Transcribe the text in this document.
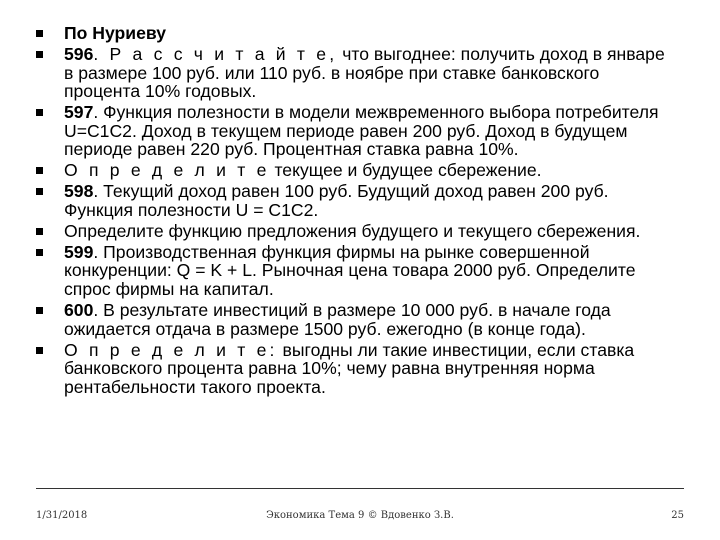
По Нуриеву
596. Р а с с ч и т а й т е, что выгоднее: получить доход в январе в размере 100 руб. или 110 руб. в ноябре при ставке банковского процента 10% годовых.
597. Функция полезности в модели межвременного выбора потребителя U=C1C2. Доход в текущем периоде равен 200 руб. Доход в будущем периоде равен 220 руб. Процентная ставка равна 10%.
О п р е д е л и т е текущее и будущее сбережение.
598. Текущий доход равен 100 руб. Будущий доход равен 200 руб. Функция полезности U = C1C2.
Определите функцию предложения будущего и текущего сбережения.
599. Производственная функция фирмы на рынке совершенной конкуренции: Q = K + L. Рыночная цена товара 2000 руб. Определите спрос фирмы на капитал.
600. В результате инвестиций в размере 10 000 руб. в начале года ожидается отдача в размере 1500 руб. ежегодно (в конце года).
О п р е д е л и т е: выгодны ли такие инвестиции, если ставка банковского процента равна 10%; чему равна внутренняя норма рентабельности такого проекта.
1/31/2018	Экономика Тема 9 © Вдовенко З.В.	25
